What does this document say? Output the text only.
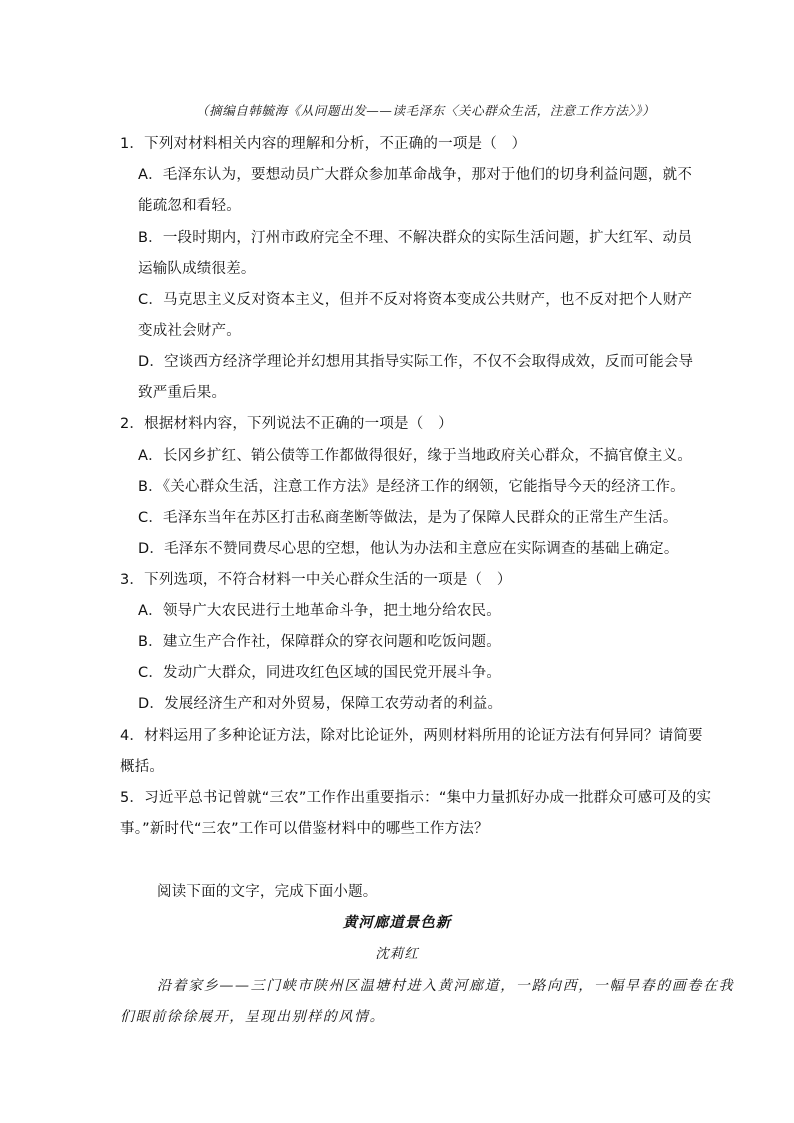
（摘编自韩毓海《从问题出发——读毛泽东〈关心群众生活，注意工作方法〉》）
1．下列对材料相关内容的理解和分析，不正确的一项是（　）
A．毛泽东认为，要想动员广大群众参加革命战争，那对于他们的切身利益问题，就不
能疏忽和看轻。
B．一段时期内，汀州市政府完全不理、不解决群众的实际生活问题，扩大红军、动员
运输队成绩很差。
C．马克思主义反对资本主义，但并不反对将资本变成公共财产，也不反对把个人财产
变成社会财产。
D．空谈西方经济学理论并幻想用其指导实际工作，不仅不会取得成效，反而可能会导
致严重后果。
2．根据材料内容，下列说法不正确的一项是（　）
A．长冈乡扩红、销公债等工作都做得很好，缘于当地政府关心群众，不搞官僚主义。
B．《关心群众生活，注意工作方法》是经济工作的纲领，它能指导今天的经济工作。
C．毛泽东当年在苏区打击私商垄断等做法，是为了保障人民群众的正常生产生活。
D．毛泽东不赞同费尽心思的空想，他认为办法和主意应在实际调查的基础上确定。
3．下列选项，不符合材料一中关心群众生活的一项是（　）
A．领导广大农民进行土地革命斗争，把土地分给农民。
B．建立生产合作社，保障群众的穿衣问题和吃饭问题。
C．发动广大群众，同进攻红色区域的国民党开展斗争。
D．发展经济生产和对外贸易，保障工农劳动者的利益。
4．材料运用了多种论证方法，除对比论证外，两则材料所用的论证方法有何异同？请简要
概括。
5．习近平总书记曾就“三农”工作作出重要指示：“集中力量抓好办成一批群众可感可及的实
事。”新时代“三农”工作可以借鉴材料中的哪些工作方法？
阅读下面的文字，完成下面小题。
黄河廊道景色新
沈莉红
沿着家乡——三门峡市陕州区温塘村进入黄河廊道，一路向西，一幅早春的画卷在我
们眼前徐徐展开，呈现出别样的风情。
